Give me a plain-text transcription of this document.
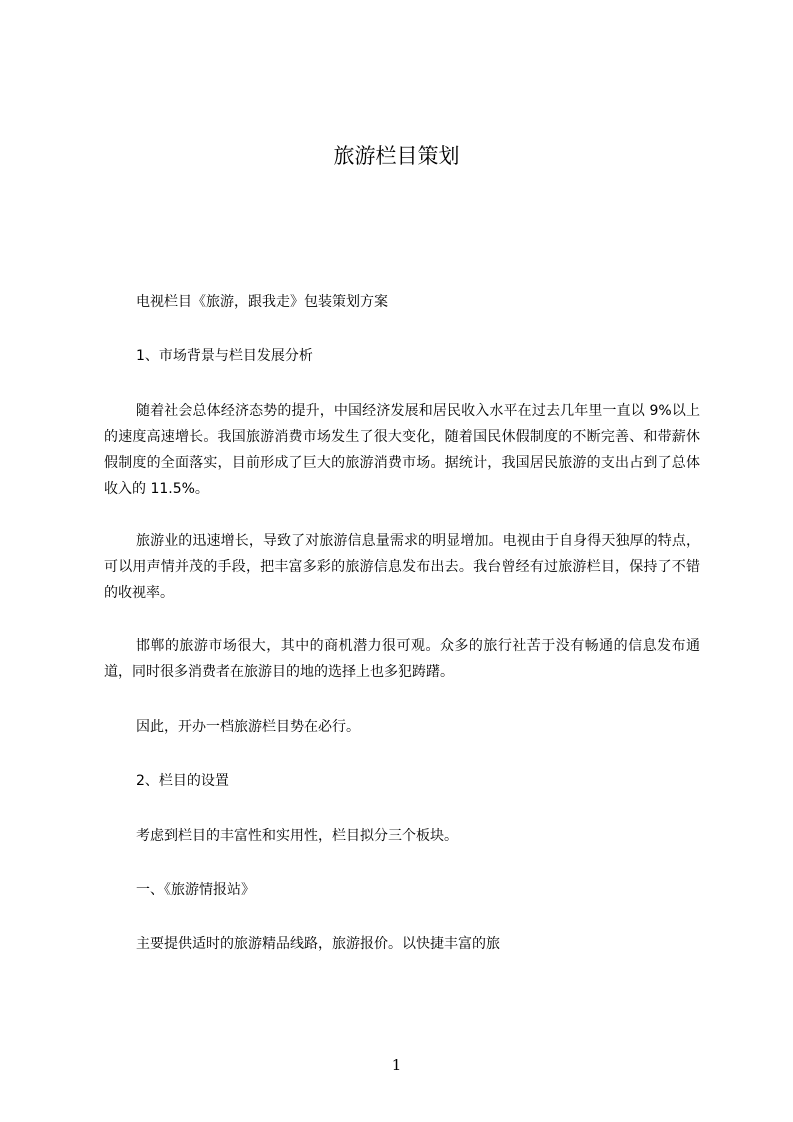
旅游栏目策划
电视栏目《旅游，跟我走》包装策划方案
1、市场背景与栏目发展分析
随着社会总体经济态势的提升，中国经济发展和居民收入水平在过去几年里一直以 9%以上的速度高速增长。我国旅游消费市场发生了很大变化，随着国民休假制度的不断完善、和带薪休假制度的全面落实，目前形成了巨大的旅游消费市场。据统计，我国居民旅游的支出占到了总体收入的 11.5%。
旅游业的迅速增长，导致了对旅游信息量需求的明显增加。电视由于自身得天独厚的特点，可以用声情并茂的手段，把丰富多彩的旅游信息发布出去。我台曾经有过旅游栏目，保持了不错的收视率。
邯郸的旅游市场很大，其中的商机潜力很可观。众多的旅行社苦于没有畅通的信息发布通道，同时很多消费者在旅游目的地的选择上也多犯踌躇。
因此，开办一档旅游栏目势在必行。
2、栏目的设置
考虑到栏目的丰富性和实用性，栏目拟分三个板块。
一、《旅游情报站》
主要提供适时的旅游精品线路，旅游报价。以快捷丰富的旅
1
